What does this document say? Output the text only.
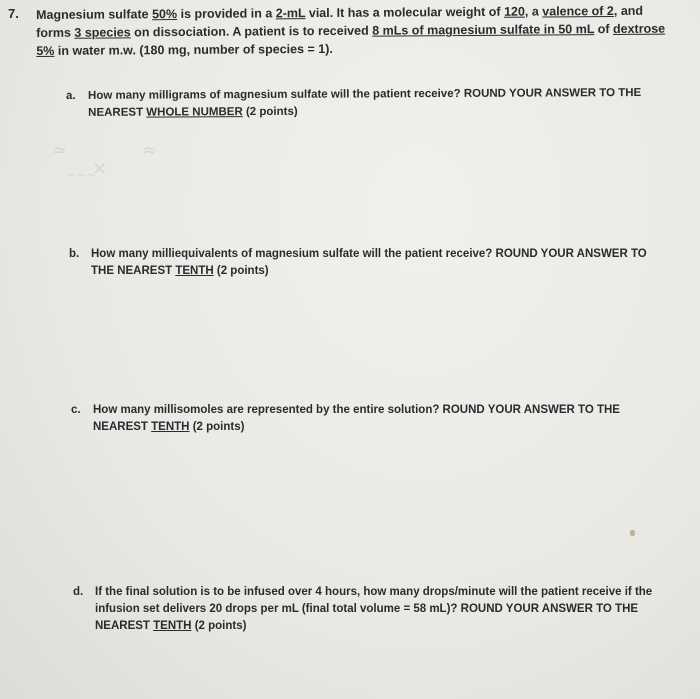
7. Magnesium sulfate 50% is provided in a 2-mL vial. It has a molecular weight of 120, a valence of 2, and forms 3 species on dissociation. A patient is to received 8 mLs of magnesium sulfate in 50 mL of dextrose 5% in water m.w. (180 mg, number of species = 1).
≃
×
≈
~~~
a.	How many milligrams of magnesium sulfate will the patient receive? ROUND YOUR ANSWER TO THE NEAREST WHOLE NUMBER (2 points)
b.	How many milliequivalents of magnesium sulfate will the patient receive? ROUND YOUR ANSWER TO THE NEAREST TENTH (2 points)
c.	How many millisomoles are represented by the entire solution? ROUND YOUR ANSWER TO THE NEAREST TENTH (2 points)
d.	If the final solution is to be infused over 4 hours, how many drops/minute will the patient receive if the infusion set delivers 20 drops per mL (final total volume = 58 mL)? ROUND YOUR ANSWER TO THE NEAREST TENTH (2 points)
